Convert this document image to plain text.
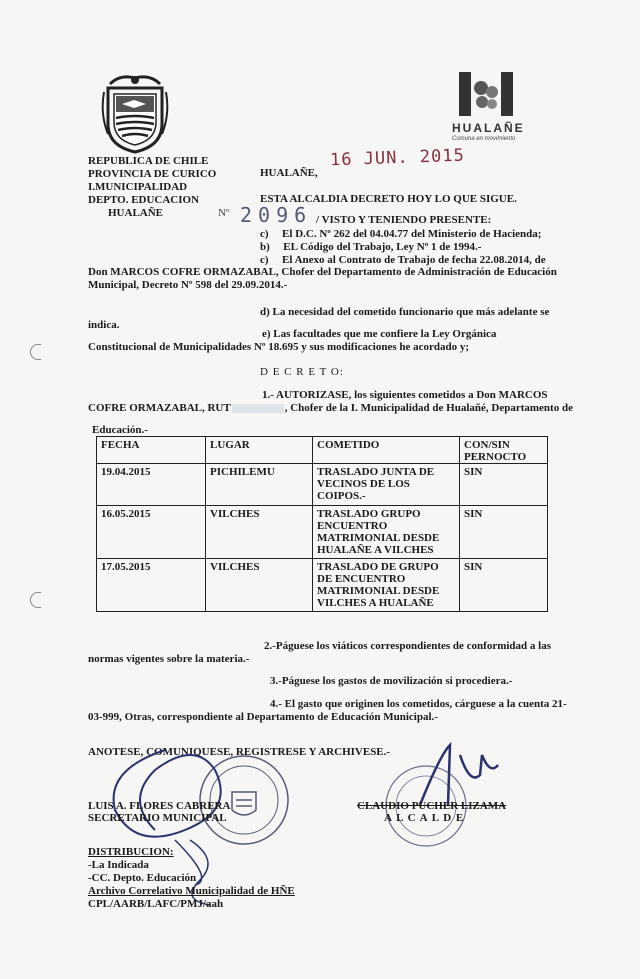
HUALAÑE
Comuna en movimiento
REPUBLICA DE CHILE
PROVINCIA DE CURICO
I.MUNICIPALIDAD
DEPTO. EDUCACION
HUALAÑE
16 JUN. 2015
HUALAÑE,
ESTA ALCALDIA DECRETO HOY LO QUE SIGUE.
Nº 2096 / VISTO Y TENIENDO PRESENTE:
c) El D.C. Nº 262 del 04.04.77 del Ministerio de Hacienda;
b) EL Código del Trabajo, Ley Nº 1 de 1994.-
c) El Anexo al Contrato de Trabajo de fecha 22.08.2014, de
Don MARCOS COFRE ORMAZABAL, Chofer del Departamento de Administración de Educación
Municipal, Decreto Nº 598 del 29.09.2014.-
d) La necesidad del cometido funcionario que más adelante se
indica.
e) Las facultades que me confiere la Ley Orgánica
Constitucional de Municipalidades Nº 18.695 y sus modificaciones he acordado y;
D E C R E T O:
1.- AUTORIZASE, los siguientes cometidos a Don MARCOS
COFRE ORMAZABAL, RUT	, Chofer de la I. Municipalidad de Hualañé, Departamento de
Educación.-
FECHA	LUGAR	COMETIDO	CON/SIN PERNOCTO
19.04.2015	PICHILEMU	TRASLADO JUNTA DE VECINOS DE LOS COIPOS.-	SIN
16.05.2015	VILCHES	TRASLADO GRUPO ENCUENTRO MATRIMONIAL DESDE HUALAÑE A VILCHES	SIN
17.05.2015	VILCHES	TRASLADO DE GRUPO DE ENCUENTRO MATRIMONIAL DESDE VILCHES A HUALAÑE	SIN
2.-Páguese los viáticos correspondientes de conformidad a las
normas vigentes sobre la materia.-
3.-Páguese los gastos de movilización si procediera.-
4.- El gasto que originen los cometidos, cárguese a la cuenta 21-
03-999, Otras, correspondiente al Departamento de Educación Municipal.-
ANOTESE, COMUNIQUESE, REGISTRESE Y ARCHIVESE.-
LUIS A. FLORES CABRERA
SECRETARIO MUNICIPAL
CLAUDIO PUCHER LIZAMA
A L C A L D E
DISTRIBUCION:
-La Indicada
-CC. Depto. Educación
Archivo Correlativo Municipalidad de HÑE
CPL/AARB/LAFC/PMJ/aah
